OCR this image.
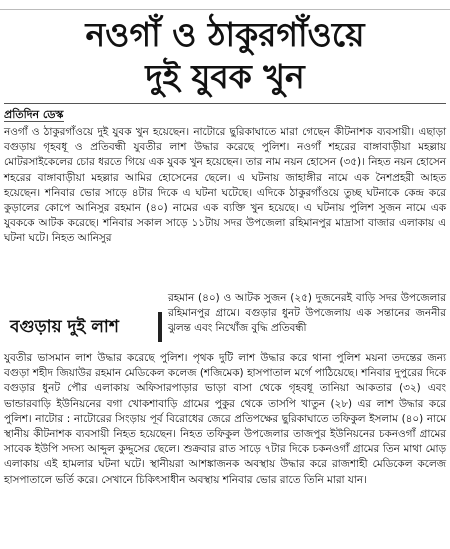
নওগাঁ ও ঠাকুরগাঁওয়ে
দুই যুবক খুন
প্রতিদিন ডেস্ক
নওগাঁ ও ঠাকুরগাঁওয়ে দুই যুবক খুন হয়েছেন। নাটোরে ছুরিকাঘাতে মারা গেছেন কীটনাশক ব্যবসায়ী। এছাড়া বগুড়ায় গৃহবধূ ও প্রতিবন্ধী যুবতীর লাশ উদ্ধার করেছে পুলিশ। নওগাঁ শহরের বাঙ্গাবাড়ীয়া মহল্লায় মোটরসাইকেলের চোর ধরতে গিয়ে এক যুবক খুন হয়েছেন। তার নাম নয়ন হোসেন (৩৫)। নিহত নয়ন হোসেন শহরের বাঙ্গাবাড়ীয়া মহল্লার আমির হোসেনের ছেলে। এ ঘটনায় জাহাঙ্গীর নামে এক নৈশপ্রহরী আহত হয়েছেন। শনিবার ভোর সাড়ে ৪টার দিকে এ ঘটনা ঘটেছে। এদিকে ঠাকুরগাঁওয়ে তুচ্ছ ঘটনাকে কেন্দ্র করে কুড়ালের কোপে আনিসুর রহমান (৪০) নামের এক ব্যক্তি খুন হয়েছে। এ ঘটনায় পুলিশ সুজন নামে এক যুবককে আটক করেছে। শনিবার সকাল সাড়ে ১১টায় সদর উপজেলা রহিমানপুর মাদ্রাসা বাজার এলাকায় এ ঘটনা ঘটে। নিহত আনিসুর
বগুড়ায় দুই লাশ
রহমান (৪০) ও আটক সুজন (২৫) দুজনেরই বাড়ি সদর উপজেলার রহিমানপুর গ্রামে। বগুড়ার ধুনট উপজেলায় এক সন্তানের জননীর ঝুলন্ত এবং নিখোঁজ বুদ্ধি প্রতিবন্ধী
যুবতীর ভাসমান লাশ উদ্ধার করেছে পুলিশ। পৃথক দুটি লাশ উদ্ধার করে থানা পুলিশ ময়না তদন্তের জন্য বগুড়া শহীদ জিয়াউর রহমান মেডিকেল কলেজ (শজিমেক) হাসপাতাল মর্গে পাঠিয়েছে। শনিবার দুপুরের দিকে বগুড়ার ধুনট পৌর এলাকায় অফিসারপাড়ার ভাড়া বাসা থেকে গৃহবধূ তানিয়া আকতার (৩২) এবং ভান্ডারবাড়ি ইউনিয়নের বগা খোকশাবাড়ি গ্রামের পুকুর থেকে তাসপি খাতুন (২৮) এর লাশ উদ্ধার করে পুলিশ। নাটোর : নাটোরের সিংড়ায় পূর্ব বিরোধের জেরে প্রতিপক্ষের ছুরিকাঘাতে তফিকুল ইসলাম (৪০) নামে স্থানীয় কীটনাশক ব্যবসায়ী নিহত হয়েছেন। নিহত তফিকুল উপজেলার তাজপুর ইউনিয়নের চকনওগাঁ গ্রামের সাবেক ইউপি সদস্য আব্দুল কুদ্দুসের ছেলে। শুক্রবার রাত সাড়ে ৭টার দিকে চকনওগাঁ গ্রামের তিন মাথা মোড় এলাকায় এই হামলার ঘটনা ঘটে। স্থানীয়রা আশঙ্কাজনক অবস্থায় উদ্ধার করে রাজশাহী মেডিকেল কলেজ হাসপাতালে ভর্তি করে। সেখানে চিকিৎসাধীন অবস্থায় শনিবার ভোর রাতে তিনি মারা যান।
